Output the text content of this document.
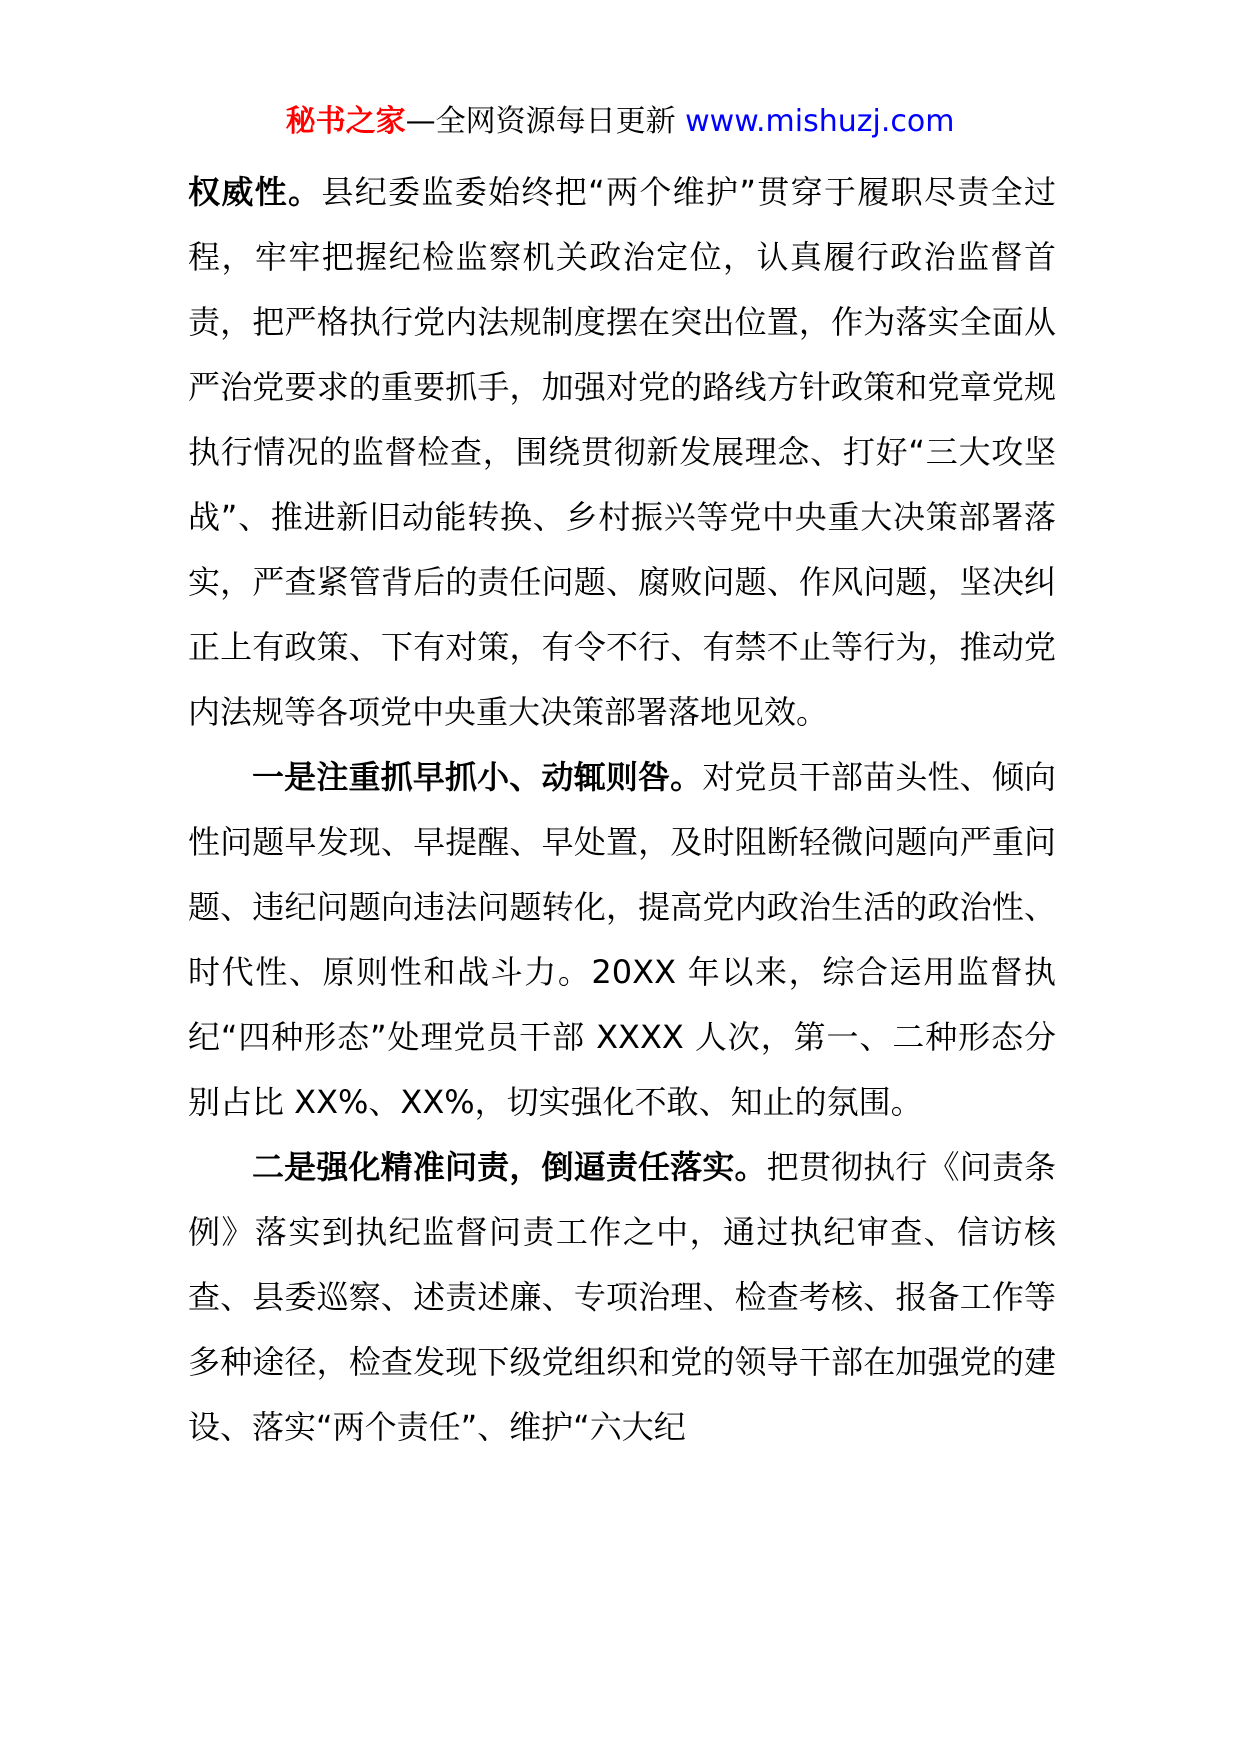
秘书之家—全网资源每日更新 www.mishuzj.com

权威性。县纪委监委始终把“两个维护”贯穿于履职尽责全过程，牢牢把握纪检监察机关政治定位，认真履行政治监督首责，把严格执行党内法规制度摆在突出位置，作为落实全面从严治党要求的重要抓手，加强对党的路线方针政策和党章党规执行情况的监督检查，围绕贯彻新发展理念、打好“三大攻坚战”、推进新旧动能转换、乡村振兴等党中央重大决策部署落实，严查紧管背后的责任问题、腐败问题、作风问题，坚决纠正上有政策、下有对策，有令不行、有禁不止等行为，推动党内法规等各项党中央重大决策部署落地见效。

一是注重抓早抓小、动辄则咎。对党员干部苗头性、倾向性问题早发现、早提醒、早处置，及时阻断轻微问题向严重问题、违纪问题向违法问题转化，提高党内政治生活的政治性、时代性、原则性和战斗力。20XX 年以来，综合运用监督执纪“四种形态”处理党员干部 XXXX 人次，第一、二种形态分别占比 XX%、XX%，切实强化不敢、知止的氛围。

二是强化精准问责，倒逼责任落实。把贯彻执行《问责条例》落实到执纪监督问责工作之中，通过执纪审查、信访核查、县委巡察、述责述廉、专项治理、检查考核、报备工作等多种途径，检查发现下级党组织和党的领导干部在加强党的建设、落实“两个责任”、维护“六大纪
